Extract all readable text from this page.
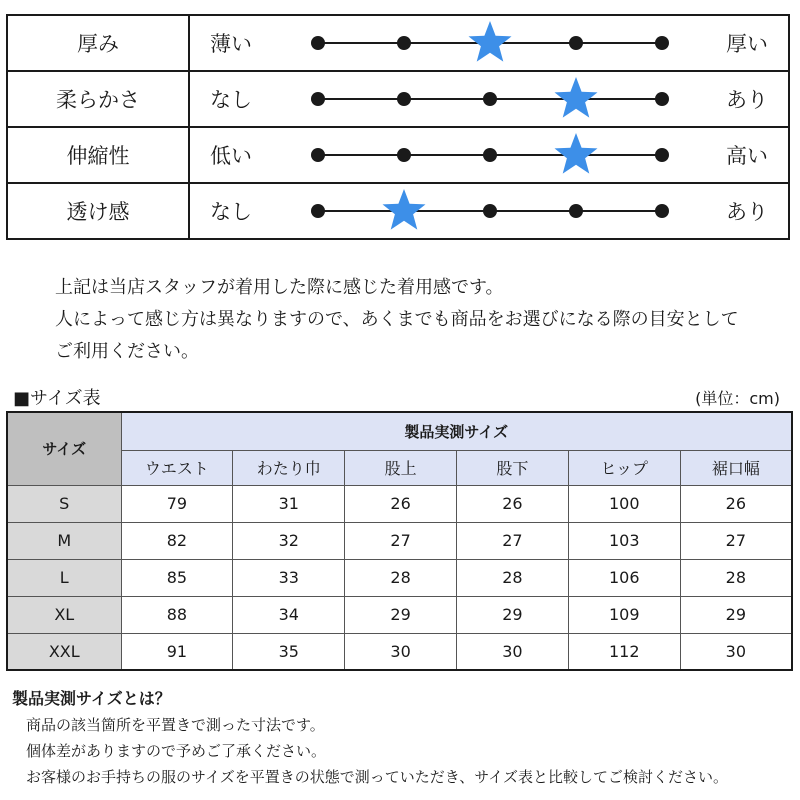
厚み	薄い 厚い

柔らかさ	なし あり

伸縮性	低い 高い

透け感	なし あり
上記は当店スタッフが着用した際に感じた着用感です。
人によって感じ方は異なりますので、あくまでも商品をお選びになる際の目安として
ご利用ください。
■サイズ表	(単位：cm)
サイズ	製品実測サイズ					
	ウエスト	わたり巾	股上	股下	ヒップ	裾口幅
S	79	31	26	26	100	26
M	82	32	27	27	103	27
L	85	33	28	28	106	28
XL	88	34	29	29	109	29
XXL	91	35	30	30	112	30
製品実測サイズとは？
商品の該当箇所を平置きで測った寸法です。
個体差がありますので予めご了承ください。
お客様のお手持ちの服のサイズを平置きの状態で測っていただき、サイズ表と比較してご検討ください。
